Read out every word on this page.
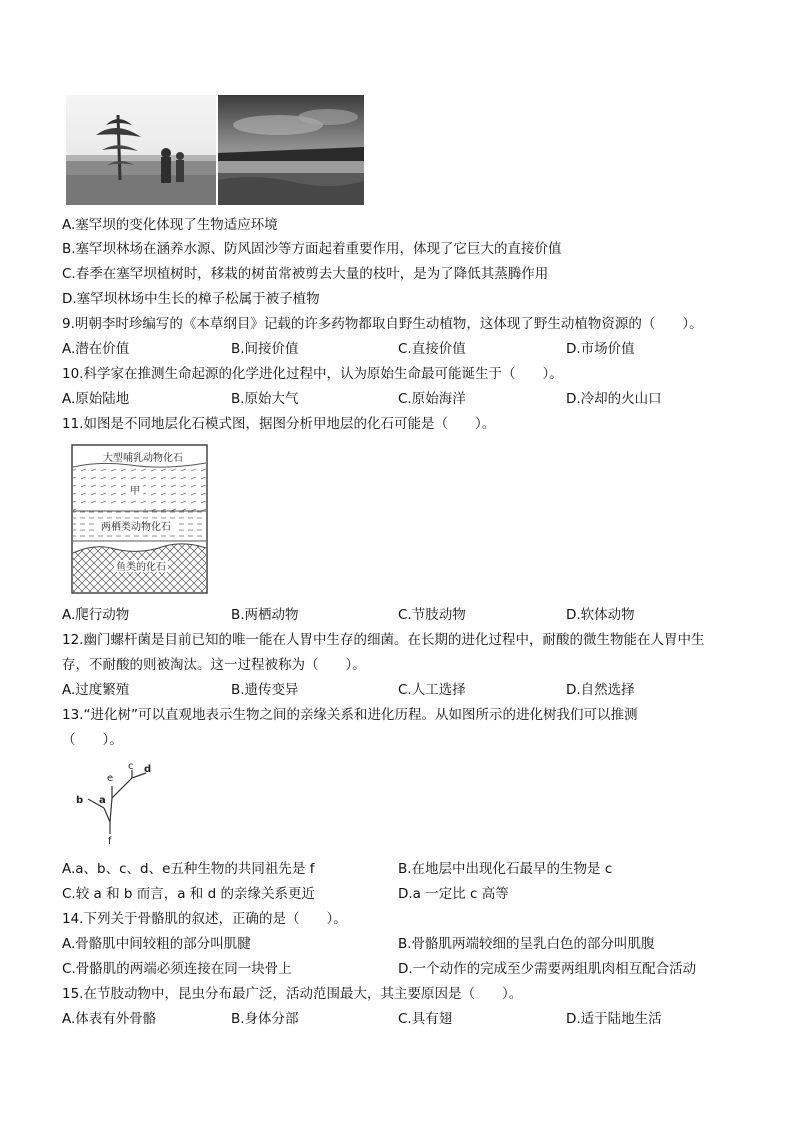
A.塞罕坝的变化体现了生物适应环境
B.塞罕坝林场在涵养水源、防风固沙等方面起着重要作用，体现了它巨大的直接价值
C.春季在塞罕坝植树时，移栽的树苗常被剪去大量的枝叶，是为了降低其蒸腾作用
D.塞罕坝林场中生长的樟子松属于被子植物
9.明朝李时珍编写的《本草纲目》记载的许多药物都取自野生动植物，这体现了野生动植物资源的（　　）。
A.潜在价值	B.间接价值	C.直接价值	D.市场价值
10.科学家在推测生命起源的化学进化过程中，认为原始生命最可能诞生于（　　）。
A.原始陆地	B.原始大气	C.原始海洋	D.冷却的火山口
11.如图是不同地层化石模式图，据图分析甲地层的化石可能是（　　）。
大型哺乳动物化石
甲
两栖类动物化石
鱼类的化石
A.爬行动物	B.两栖动物	C.节肢动物	D.软体动物
12.幽门螺杆菌是目前已知的唯一能在人胃中生存的细菌。在长期的进化过程中，耐酸的微生物能在人胃中生
存，不耐酸的则被淘汰。这一过程被称为（　　）。
A.过度繁殖	B.遗传变异	C.人工选择	D.自然选择
13.“进化树”可以直观地表示生物之间的亲缘关系和进化历程。从如图所示的进化树我们可以推测
（　　）。
a
b
c d
e
f
A.a、b、c、d、e五种生物的共同祖先是 f	B.在地层中出现化石最早的生物是 c
C.较 a 和 b 而言，a 和 d 的亲缘关系更近	D.a 一定比 c 高等
14.下列关于骨骼肌的叙述，正确的是（　　）。
A.骨骼肌中间较粗的部分叫肌腱	B.骨骼肌两端较细的呈乳白色的部分叫肌腹
C.骨骼肌的两端必须连接在同一块骨上	D.一个动作的完成至少需要两组肌肉相互配合活动
15.在节肢动物中，昆虫分布最广泛，活动范围最大，其主要原因是（　　）。
A.体表有外骨骼	B.身体分部	C.具有翅	D.适于陆地生活
